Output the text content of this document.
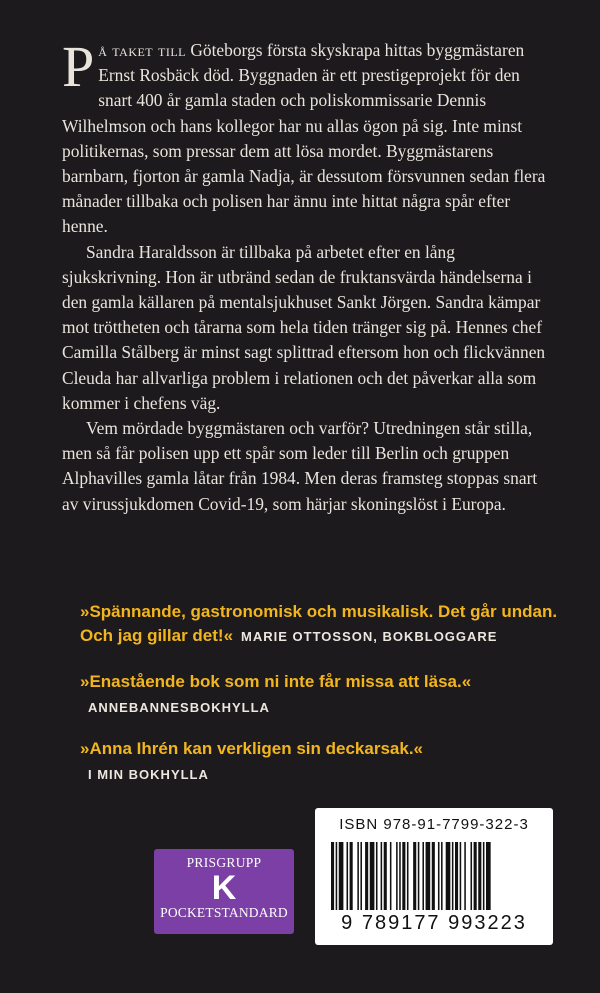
På taket till Göteborgs första skyskrapa hittas byggmästaren Ernst Rosbäck död. Byggnaden är ett prestigeprojekt för den snart 400 år gamla staden och poliskommissarie Dennis Wilhelmson och hans kollegor har nu allas ögon på sig. Inte minst politikernas, som pressar dem att lösa mordet. Byggmästarens barnbarn, fjorton år gamla Nadja, är dessutom försvunnen sedan flera månader tillbaka och polisen har ännu inte hittat några spår efter henne.

Sandra Haraldsson är tillbaka på arbetet efter en lång sjukskrivning. Hon är utbränd sedan de fruktansvärda händelserna i den gamla källaren på mentalsjukhuset Sankt Jörgen. Sandra kämpar mot tröttheten och tårarna som hela tiden tränger sig på. Hennes chef Camilla Stålberg är minst sagt splittrad eftersom hon och flickvännen Cleuda har allvarliga problem i relationen och det påverkar alla som kommer i chefens väg.

Vem mördade byggmästaren och varför? Utredningen står stilla, men så får polisen upp ett spår som leder till Berlin och gruppen Alphavilles gamla låtar från 1984. Men deras framsteg stoppas snart av virussjukdomen Covid-19, som härjar skoningslöst i Europa.

»Spännande, gastronomisk och musikalisk. Det går undan. Och jag gillar det!« MARIE OTTOSSON, BOKBLOGGARE
»Enastående bok som ni inte får missa att läsa.«
ANNEBANNESBOKHYLLA
»Anna Ihrén kan verkligen sin deckarsak.«
I MIN BOKHYLLA
PRISGRUPP
K
POCKETSTANDARD
ISBN 978-91-7799-322-3
9 789177 993223
